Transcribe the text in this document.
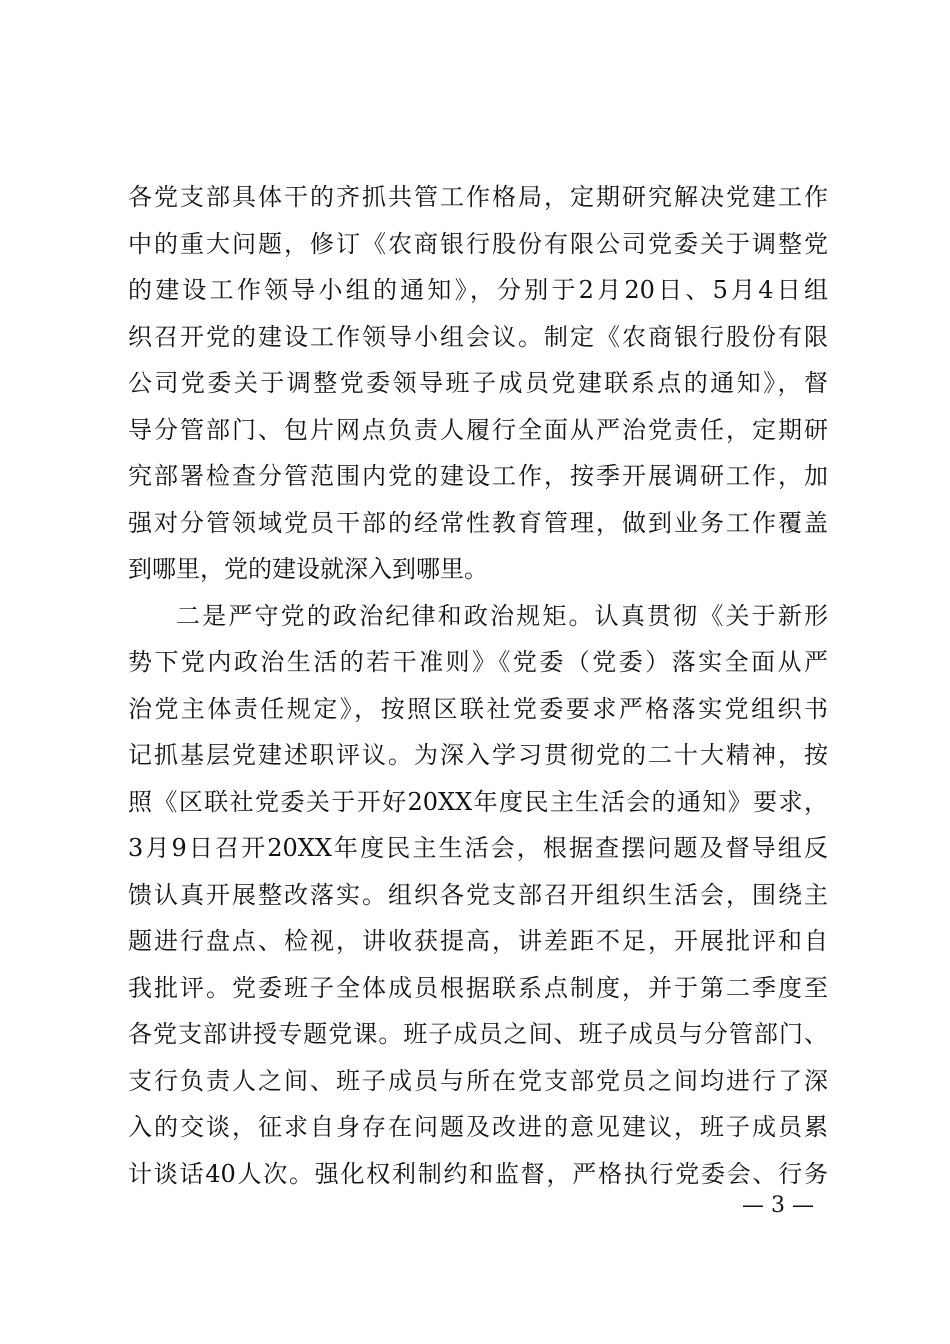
各党支部具体干的齐抓共管工作格局，定期研究解决党建工作
中的重大问题，修订《农商银行股份有限公司党委关于调整党
的建设工作领导小组的通知》，分别于2月20日、5月4日组
织召开党的建设工作领导小组会议。制定《农商银行股份有限
公司党委关于调整党委领导班子成员党建联系点的通知》，督
导分管部门、包片网点负责人履行全面从严治党责任，定期研
究部署检查分管范围内党的建设工作，按季开展调研工作，加
强对分管领域党员干部的经常性教育管理，做到业务工作覆盖
到哪里，党的建设就深入到哪里。
二是严守党的政治纪律和政治规矩。认真贯彻《关于新形
势下党内政治生活的若干准则》《党委（党委）落实全面从严
治党主体责任规定》，按照区联社党委要求严格落实党组织书
记抓基层党建述职评议。为深入学习贯彻党的二十大精神，按
照《区联社党委关于开好20XX年度民主生活会的通知》要求，
3月9日召开20XX年度民主生活会，根据查摆问题及督导组反
馈认真开展整改落实。组织各党支部召开组织生活会，围绕主
题进行盘点、检视，讲收获提高，讲差距不足，开展批评和自
我批评。党委班子全体成员根据联系点制度，并于第二季度至
各党支部讲授专题党课。班子成员之间、班子成员与分管部门、
支行负责人之间、班子成员与所在党支部党员之间均进行了深
入的交谈，征求自身存在问题及改进的意见建议，班子成员累
计谈话40人次。强化权利制约和监督，严格执行党委会、行务
— 3 —
